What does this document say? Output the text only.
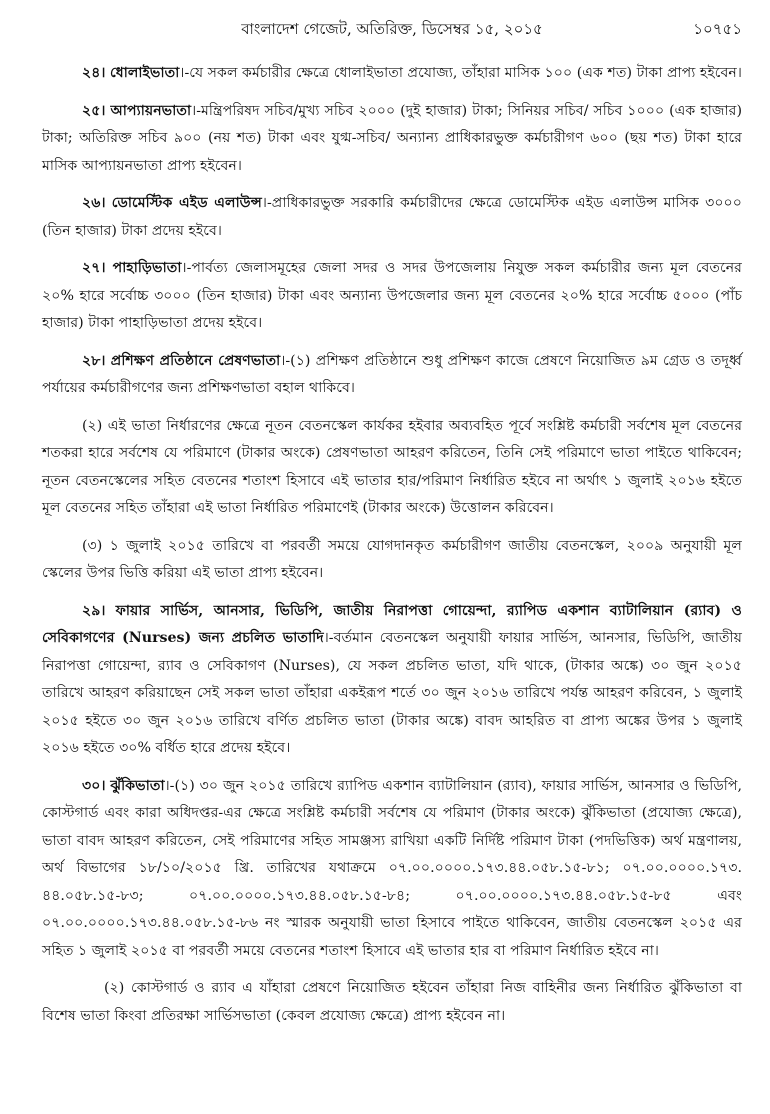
বাংলাদেশ গেজেট, অতিরিক্ত, ডিসেম্বর ১৫, ২০১৫	১০৭৫১

২৪। ধোলাইভাতা।-যে সকল কর্মচারীর ক্ষেত্রে ধোলাইভাতা প্রযোজ্য, তাঁহারা মাসিক ১০০ (এক শত) টাকা প্রাপ্য হইবেন।

২৫। আপ্যায়নভাতা।-মন্ত্রিপরিষদ সচিব/মুখ্য সচিব ২০০০ (দুই হাজার) টাকা; সিনিয়র সচিব/ সচিব ১০০০ (এক হাজার) টাকা; অতিরিক্ত সচিব ৯০০ (নয় শত) টাকা এবং যুগ্ম-সচিব/ অন্যান্য প্রাধিকারভুক্ত কর্মচারীগণ ৬০০ (ছয় শত) টাকা হারে মাসিক আপ্যায়নভাতা প্রাপ্য হইবেন।

২৬। ডোমেস্টিক এইড এলাউন্স।-প্রাধিকারভুক্ত সরকারি কর্মচারীদের ক্ষেত্রে ডোমেস্টিক এইড এলাউন্স মাসিক ৩০০০ (তিন হাজার) টাকা প্রদেয় হইবে।

২৭। পাহাড়িভাতা।-পার্বত্য জেলাসমূহের জেলা সদর ও সদর উপজেলায় নিযুক্ত সকল কর্মচারীর জন্য মূল বেতনের ২০% হারে সর্বোচ্চ ৩০০০ (তিন হাজার) টাকা এবং অন্যান্য উপজেলার জন্য মূল বেতনের ২০% হারে সর্বোচ্চ ৫০০০ (পাঁচ হাজার) টাকা পাহাড়িভাতা প্রদেয় হইবে।

২৮। প্রশিক্ষণ প্রতিষ্ঠানে প্রেষণভাতা।-(১) প্রশিক্ষণ প্রতিষ্ঠানে শুধু প্রশিক্ষণ কাজে প্রেষণে নিয়োজিত ৯ম গ্রেড ও তদূর্ধ্ব পর্যায়ের কর্মচারীগণের জন্য প্রশিক্ষণভাতা বহাল থাকিবে।

(২) এই ভাতা নির্ধারণের ক্ষেত্রে নূতন বেতনস্কেল কার্যকর হইবার অব্যবহিত পূর্বে সংশ্লিষ্ট কর্মচারী সর্বশেষ মূল বেতনের শতকরা হারে সর্বশেষ যে পরিমাণে (টাকার অংকে) প্রেষণভাতা আহরণ করিতেন, তিনি সেই পরিমাণে ভাতা পাইতে থাকিবেন; নূতন বেতনস্কেলের সহিত বেতনের শতাংশ হিসাবে এই ভাতার হার/পরিমাণ নির্ধারিত হইবে না অর্থাৎ ১ জুলাই ২০১৬ হইতে মূল বেতনের সহিত তাঁহারা এই ভাতা নির্ধারিত পরিমাণেই (টাকার অংকে) উত্তোলন করিবেন।

(৩) ১ জুলাই ২০১৫ তারিখে বা পরবর্তী সময়ে যোগদানকৃত কর্মচারীগণ জাতীয় বেতনস্কেল, ২০০৯ অনুযায়ী মূল স্কেলের উপর ভিত্তি করিয়া এই ভাতা প্রাপ্য হইবেন।

২৯। ফায়ার সার্ভিস, আনসার, ভিডিপি, জাতীয় নিরাপত্তা গোয়েন্দা, র‌্যাপিড একশান ব্যাটালিয়ান (র‌্যাব) ও সেবিকাগণের (Nurses) জন্য প্রচলিত ভাতাদি।-বর্তমান বেতনস্কেল অনুযায়ী ফায়ার সার্ভিস, আনসার, ভিডিপি, জাতীয় নিরাপত্তা গোয়েন্দা, র‌্যাব ও সেবিকাগণ (Nurses), যে সকল প্রচলিত ভাতা, যদি থাকে, (টাকার অঙ্কে) ৩০ জুন ২০১৫ তারিখে আহরণ করিয়াছেন সেই সকল ভাতা তাঁহারা একইরূপ শর্তে ৩০ জুন ২০১৬ তারিখে পর্যন্ত আহরণ করিবেন, ১ জুলাই ২০১৫ হইতে ৩০ জুন ২০১৬ তারিখে বর্ণিত প্রচলিত ভাতা (টাকার অঙ্কে) বাবদ আহরিত বা প্রাপ্য অঙ্কের উপর ১ জুলাই ২০১৬ হইতে ৩০% বর্ধিত হারে প্রদেয় হইবে।

৩০। ঝুঁকিভাতা।-(১) ৩০ জুন ২০১৫ তারিখে র‌্যাপিড একশান ব্যাটালিয়ান (র‌্যাব), ফায়ার সার্ভিস, আনসার ও ভিডিপি, কোস্টগার্ড এবং কারা অধিদপ্তর-এর ক্ষেত্রে সংশ্লিষ্ট কর্মচারী সর্বশেষ যে পরিমাণ (টাকার অংকে) ঝুঁকিভাতা (প্রযোজ্য ক্ষেত্রে), ভাতা বাবদ আহরণ করিতেন, সেই পরিমাণের সহিত সামঞ্জস্য রাখিয়া একটি নির্দিষ্ট পরিমাণ টাকা (পদভিত্তিক) অর্থ মন্ত্রণালয়, অর্থ বিভাগের ১৮/১০/২০১৫ খ্রি. তারিখের যথাক্রমে ০৭.০০.০০০০.১৭৩.৪৪.০৫৮.১৫-৮১; ০৭.০০.০০০০.১৭৩. ৪৪.০৫৮.১৫-৮৩; ০৭.০০.০০০০.১৭৩.৪৪.০৫৮.১৫-৮৪; ০৭.০০.০০০০.১৭৩.৪৪.০৫৮.১৫-৮৫ এবং ০৭.০০.০০০০.১৭৩.৪৪.০৫৮.১৫-৮৬ নং স্মারক অনুযায়ী ভাতা হিসাবে পাইতে থাকিবেন, জাতীয় বেতনস্কেল ২০১৫ এর সহিত ১ জুলাই ২০১৫ বা পরবর্তী সময়ে বেতনের শতাংশ হিসাবে এই ভাতার হার বা পরিমাণ নির্ধারিত হইবে না।

(২) কোস্টগার্ড ও র‌্যাব এ যাঁহারা প্রেষণে নিয়োজিত হইবেন তাঁহারা নিজ বাহিনীর জন্য নির্ধারিত ঝুঁকিভাতা বা বিশেষ ভাতা কিংবা প্রতিরক্ষা সার্ভিসভাতা (কেবল প্রযোজ্য ক্ষেত্রে) প্রাপ্য হইবেন না।
